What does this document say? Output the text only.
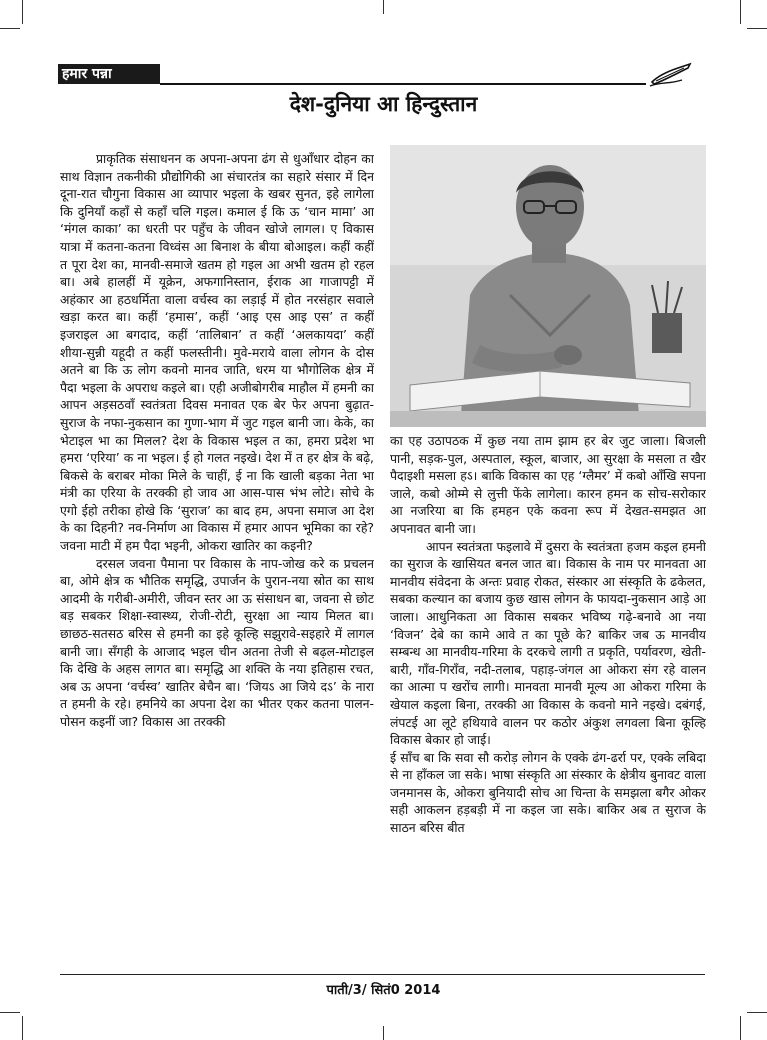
हमार पन्ना
देश-दुनिया आ हिन्दुस्तान

प्राकृतिक संसाधनन क अपना-अपना ढंग से धुआँधार दोहन का साथ विज्ञान तकनीकी प्रौद्योगिकी आ संचारतंत्र का सहारे संसार में दिन दूना-रात चौगुना विकास आ व्यापार भइला के खबर सुनत, इहे लागेला कि दुनियाँ कहाँ से कहाँ चलि गइल। कमाल ई कि ऊ ‘चान मामा’ आ ‘मंगल काका’ का धरती पर पहुँच के जीवन खोजे लागल। ए विकास यात्रा में कतना-कतना विध्वंस आ बिनाश के बीया बोआइल। कहीं कहीं त पूरा देश का, मानवी-समाजे खतम हो गइल आ अभी खतम हो रहल बा। अबे हालहीं में यूक्रेन, अफगानिस्तान, ईराक आ गाजापट्टी में अहंकार आ हठधर्मिता वाला वर्चस्व का लड़ाई में होत नरसंहार सवाले खड़ा करत बा। कहीं ‘हमास’, कहीं ‘आइ एस आइ एस’ त कहीं इजराइल आ बगदाद, कहीं ‘तालिबान’ त कहीं ‘अलकायदा’ कहीं शीया-सुन्नी यहूदी त कहीं फलस्तीनी। मुवे-मराये वाला लोगन के दोस अतने बा कि ऊ लोग कवनो मानव जाति, धरम या भौगोलिक क्षेत्र में पैदा भइला के अपराध कइले बा। एही अजीबोगरीब माहौल में हमनी का आपन अड़सठवाँ स्वतंत्रता दिवस मनावत एक बेर फेर अपना बुढ़ात-सुराज के नफा-नुकसान का गुणा-भाग में जुट गइल बानी जा। केके, का भेटाइल भा का मिलल? देश के विकास भइल त का, हमरा प्रदेश भा हमरा ‘एरिया’ क ना भइल। ई हो गलत नइखे। देश में त हर क्षेत्र के बढ़े, बिकसे के बराबर मोका मिले के चाहीं, ई ना कि खाली बड़का नेता भा मंत्री का एरिया के तरक्की हो जाव आ आस-पास भंभ लोटे। सोचे के एगो ईहो तरीका होखे कि ‘सुराज’ का बाद हम, अपना समाज आ देश के का दिहनी? नव-निर्माण आ विकास में हमार आपन भूमिका का रहे? जवना माटी में हम पैदा भइनी, ओकरा खातिर का कइनी?

दरसल जवना पैमाना पर विकास के नाप-जोख करे क प्रचलन बा, ओमे क्षेत्र क भौतिक समृद्धि, उपार्जन के पुरान-नया स्रोत का साथ आदमी के गरीबी-अमीरी, जीवन स्तर आ ऊ संसाधन बा, जवना से छोट बड़ सबकर शिक्षा-स्वास्थ्य, रोजी-रोटी, सुरक्षा आ न्याय मिलत बा। छाछठ-सतसठ बरिस से हमनी का इहे कूल्हि सझुरावे-सइहारे में लागल बानी जा। सँगही के आजाद भइल चीन अतना तेजी से बढ़ल-मोटाइल कि देखि के अहस लागत बा। समृद्धि आ शक्ति के नया इतिहास रचत, अब ऊ अपना ‘वर्चस्व’ खातिर बेचैन बा। ‘जियऽ आ जिये दऽ’ के नारा त हमनी के रहे। हमनिये का अपना देश का भीतर एकर कतना पालन-पोसन कइनीं जा? विकास आ तरक्की

का एह उठापठक में कुछ नया ताम झाम हर बेर जुट जाला। बिजली पानी, सड़क-पुल, अस्पताल, स्कूल, बाजार, आ सुरक्षा के मसला त खैर पैदाइशी मसला हऽ। बाकि विकास का एह ‘ग्लैमर’ में कबो आँखि सपना जाले, कबो ओम्मे से लुत्ती फेंके लागेला। कारन हमन क सोच-सरोकार आ नजरिया बा कि हमहन एके कवना रूप में देखत-समझत आ अपनावत बानी जा।

आपन स्वतंत्रता फइलावे में दुसरा के स्वतंत्रता हजम कइल हमनी का सुराज के खासियत बनल जात बा। विकास के नाम पर मानवता आ मानवीय संवेदना के अन्तः प्रवाह रोकत, संस्कार आ संस्कृति के ढकेलत, सबका कल्यान का बजाय कुछ खास लोगन के फायदा-नुकसान आड़े आ जाला। आधुनिकता आ विकास सबकर भविष्य गढ़े-बनावे आ नया ‘विजन’ देबे का कामे आवे त का पूछे के? बाकिर जब ऊ मानवीय सम्बन्ध आ मानवीय-गरिमा के दरकचे लागी त प्रकृति, पर्यावरण, खेती-बारी, गाँव-गिराँव, नदी-तलाब, पहाड़-जंगल आ ओकरा संग रहे वालन का आत्मा प खरोंच लागी। मानवता मानवी मूल्य आ ओकरा गरिमा के खेयाल कइला बिना, तरक्की आ विकास के कवनो माने नइखे। दबंगई, लंपटई आ लूटे हथियावे वालन पर कठोर अंकुश लगवला बिना कूल्हि विकास बेकार हो जाई।

ई साँच बा कि सवा सौ करोड़ लोगन के एक्के ढंग-ढर्रा पर, एक्के लबिदा से ना हाँकल जा सके। भाषा संस्कृति आ संस्कार के क्षेत्रीय बुनावट वाला जनमानस के, ओकरा बुनियादी सोच आ चिन्ता के समझला बगैर ओकर सही आकलन हड़बड़ी में ना कइल जा सके। बाकिर अब त सुराज के साठन बरिस बीत

पाती/3/ सितं0 2014
